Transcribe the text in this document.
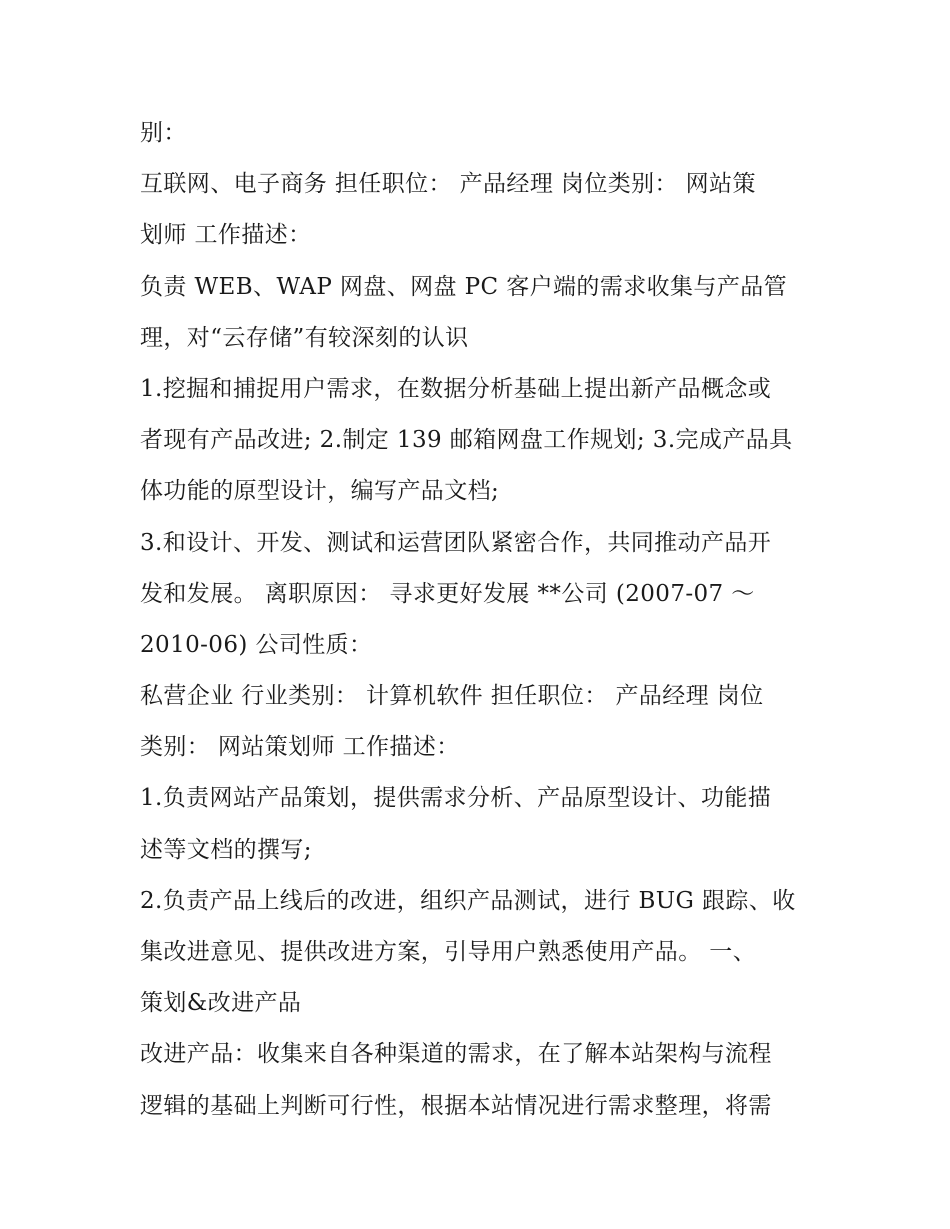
别：
互联网、电子商务 担任职位： 产品经理 岗位类别： 网站策
划师 工作描述：
负责 WEB、WAP 网盘、网盘 PC 客户端的需求收集与产品管
理，对“云存储”有较深刻的认识
1.挖掘和捕捉用户需求，在数据分析基础上提出新产品概念或
者现有产品改进; 2.制定 139 邮箱网盘工作规划; 3.完成产品具
体功能的原型设计，编写产品文档;
3.和设计、开发、测试和运营团队紧密合作，共同推动产品开
发和发展。 离职原因： 寻求更好发展 **公司 (2007-07 ～
2010-06) 公司性质：
私营企业 行业类别： 计算机软件 担任职位： 产品经理 岗位
类别： 网站策划师 工作描述：
1.负责网站产品策划，提供需求分析、产品原型设计、功能描
述等文档的撰写;
2.负责产品上线后的改进，组织产品测试，进行 BUG 跟踪、收
集改进意见、提供改进方案，引导用户熟悉使用产品。 一、
策划&改进产品
改进产品：收集来自各种渠道的需求，在了解本站架构与流程
逻辑的基础上判断可行性，根据本站情况进行需求整理，将需
